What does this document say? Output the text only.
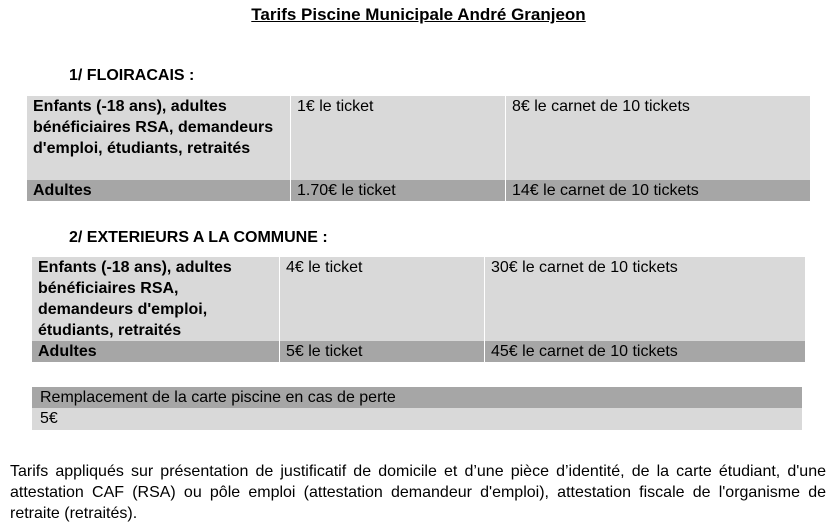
Tarifs Piscine Municipale André Granjeon
1/ FLOIRACAIS :
Enfants (-18 ans), adultes bénéficiaires RSA, demandeurs d'emploi, étudiants, retraités	1€ le ticket	8€ le carnet de 10 tickets
Adultes	1.70€ le ticket	14€ le carnet de 10 tickets
2/ EXTERIEURS A LA COMMUNE :
Enfants (-18 ans), adultes bénéficiaires RSA, demandeurs d'emploi, étudiants, retraités	4€ le ticket	30€ le carnet de 10 tickets
Adultes	5€ le ticket	45€ le carnet de 10 tickets
Remplacement de la carte piscine en cas de perte
5€
Tarifs appliqués sur présentation de justificatif de domicile et d’une pièce d’identité, de la carte étudiant, d'une attestation CAF (RSA) ou pôle emploi (attestation demandeur d'emploi), attestation fiscale de l'organisme de retraite (retraités).
